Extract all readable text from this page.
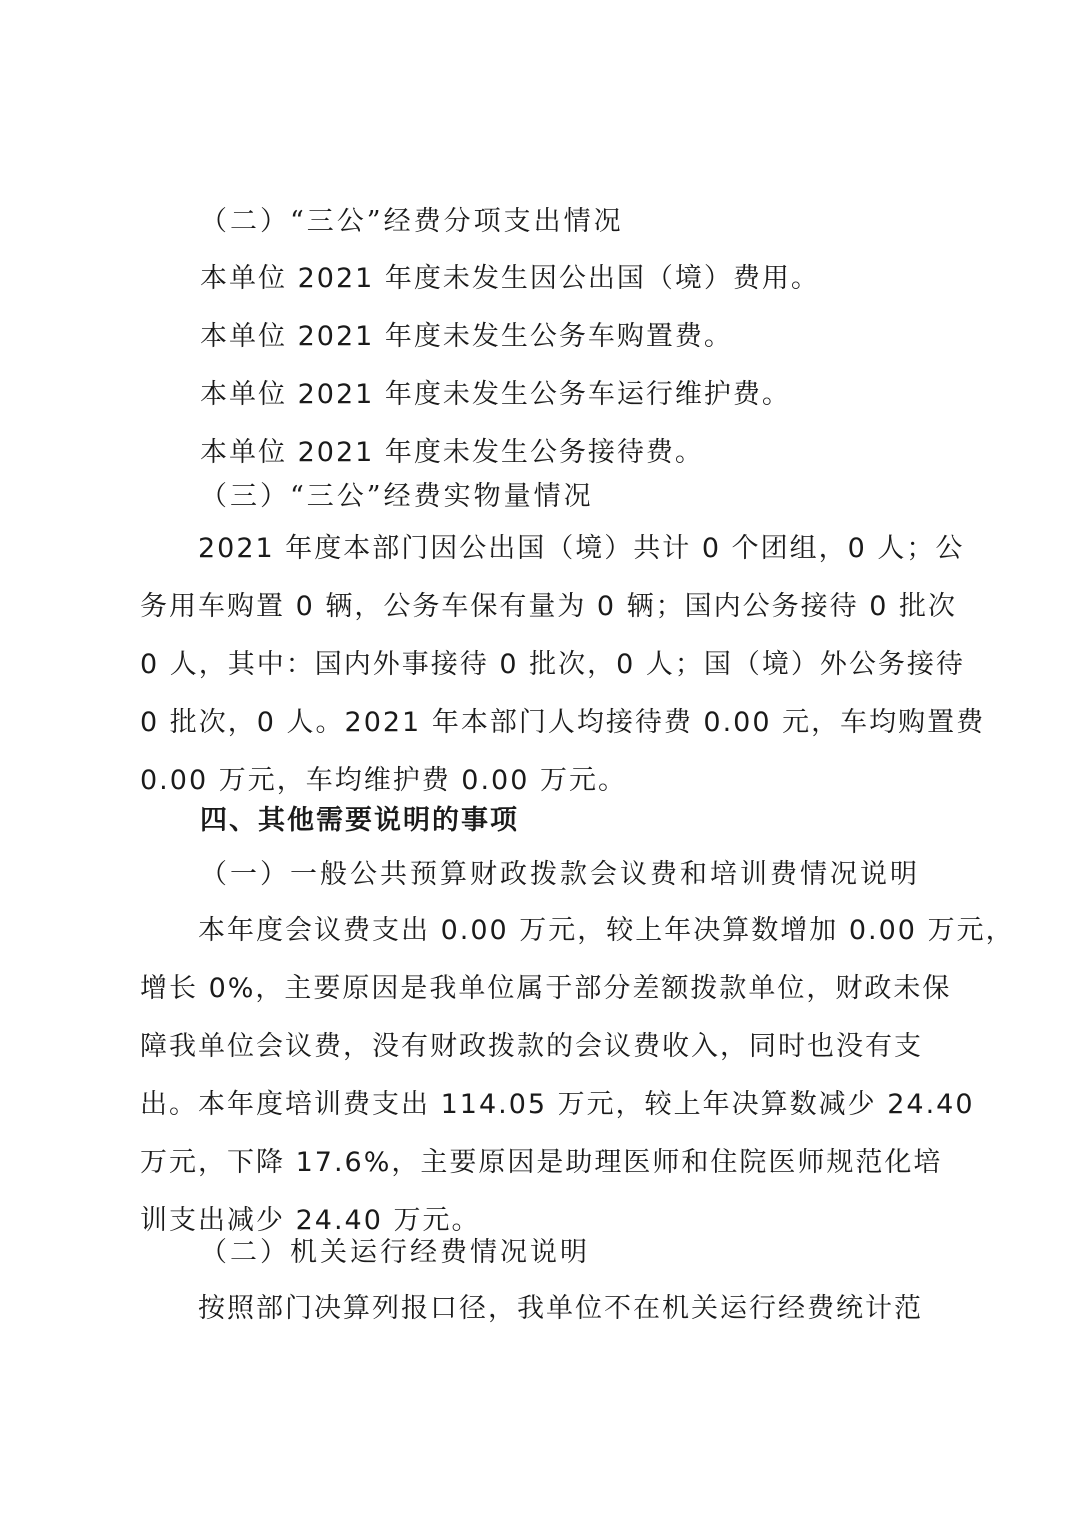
（二）“三公”经费分项支出情况
本单位 2021 年度未发生因公出国（境）费用。
本单位 2021 年度未发生公务车购置费。
本单位 2021 年度未发生公务车运行维护费。
本单位 2021 年度未发生公务接待费。
（三）“三公”经费实物量情况
2021 年度本部门因公出国（境）共计 0 个团组，0 人；公
务用车购置 0 辆，公务车保有量为 0 辆；国内公务接待 0 批次
0 人，其中：国内外事接待 0 批次，0 人；国（境）外公务接待
0 批次，0 人。2021 年本部门人均接待费 0.00 元，车均购置费
0.00 万元，车均维护费 0.00 万元。
四、其他需要说明的事项
（一）一般公共预算财政拨款会议费和培训费情况说明
本年度会议费支出 0.00 万元，较上年决算数增加 0.00 万元，
增长 0%，主要原因是我单位属于部分差额拨款单位，财政未保
障我单位会议费，没有财政拨款的会议费收入，同时也没有支
出。本年度培训费支出 114.05 万元，较上年决算数减少 24.40
万元，下降 17.6%，主要原因是助理医师和住院医师规范化培
训支出减少 24.40 万元。
（二）机关运行经费情况说明
按照部门决算列报口径，我单位不在机关运行经费统计范
